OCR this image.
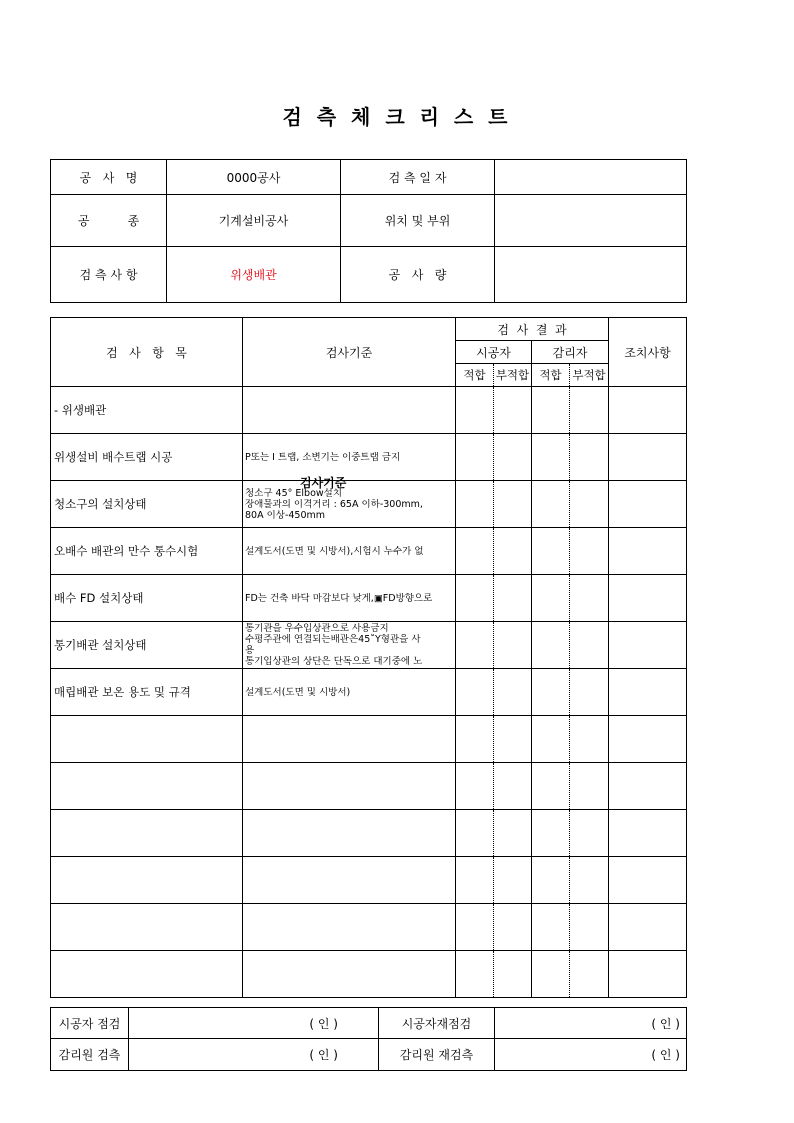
검 측 체 크 리 스 트
공   사   명	0000공사	검 측 일 자	
공          종	기계설비공사	위치 및 부위	
검 측 사 항	위생배관	공   사   량	
검   사   항   목	검사기준	검  사  결  과				조치사항
		시공자		감리자		
		적합	부적합	적합	부적합	
- 위생배관						
위생설비 배수트랩 시공	P또는 I 트랩, 소변기는 이중트랩 금지					

청소구의 설치상태	청소구 45° Elbow설치
장애물과의 이격거리 : 65A 이하-300mm,
80A 이상-450mm					

오배수 배관의 만수 통수시험	설계도서(도면 및 시방서),시험시 누수가 없					

배수 FD 설치상태	FD는 건축 바닥 마감보다 낮게,▣FD방향으로					

통기배관 설치상태	통기관을 우수입상관으로 사용금지
수평주관에 연결되는배관은45˚Y형관을 사
용
통기입상관의 상단은 단독으로 대기중에 노					

매립배관 보온 용도 및 규격	설계도서(도면 및 시방서)					

검사기준
시공자 점검	( 인 )	시공자재점검	( 인 )
감리원 검측	( 인 )	감리원 재검측	( 인 )
